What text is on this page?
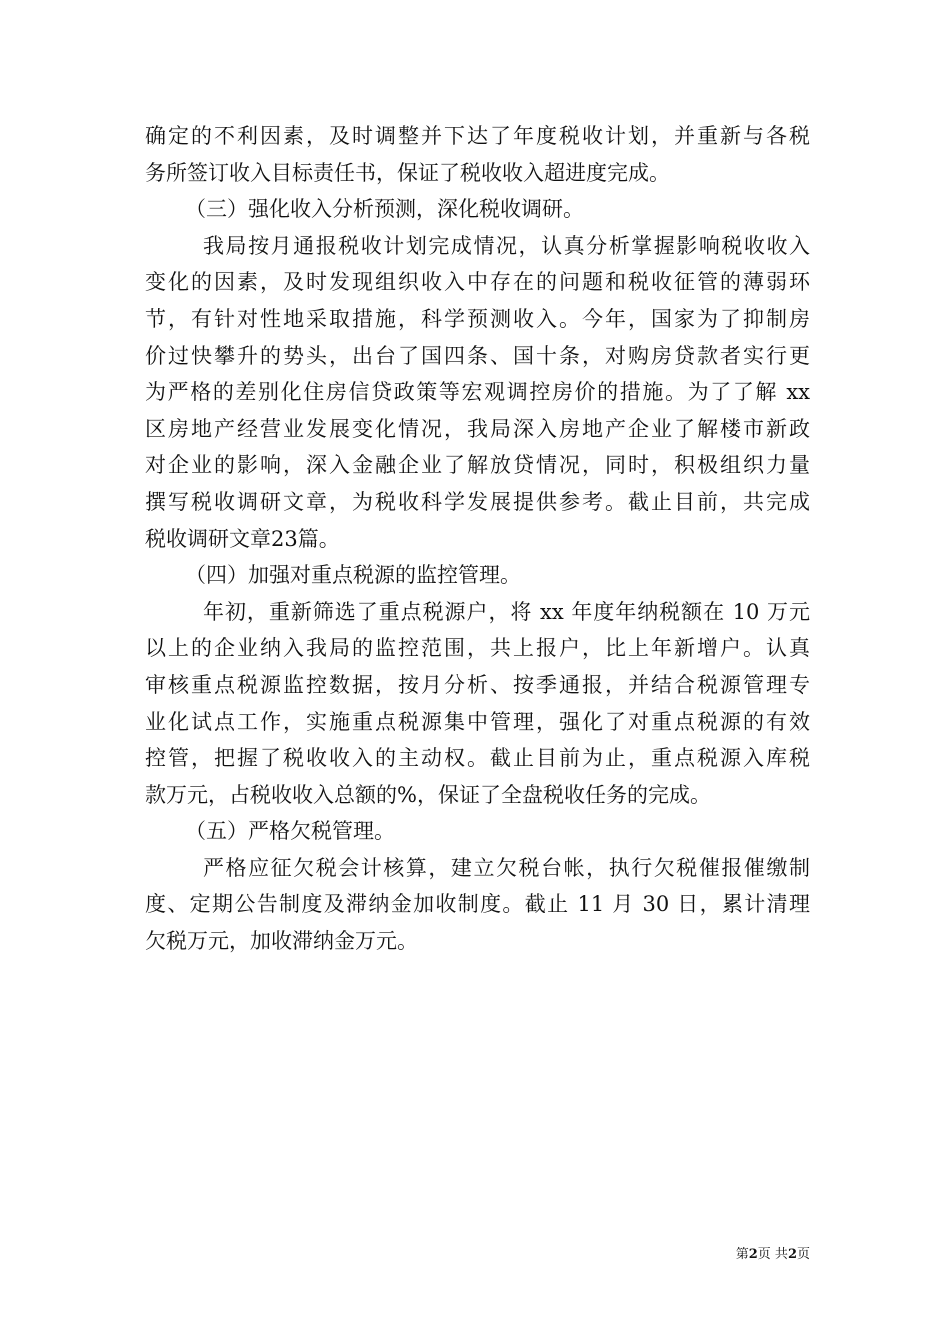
确定的不利因素，及时调整并下达了年度税收计划，并重新与各税
务所签订收入目标责任书，保证了税收收入超进度完成。
（三）强化收入分析预测，深化税收调研。
我局按月通报税收计划完成情况，认真分析掌握影响税收收入
变化的因素，及时发现组织收入中存在的问题和税收征管的薄弱环
节，有针对性地采取措施，科学预测收入。今年，国家为了抑制房
价过快攀升的势头，出台了国四条、国十条，对购房贷款者实行更
为严格的差别化住房信贷政策等宏观调控房价的措施。为了了解 xx
区房地产经营业发展变化情况，我局深入房地产企业了解楼市新政
对企业的影响，深入金融企业了解放贷情况，同时，积极组织力量
撰写税收调研文章，为税收科学发展提供参考。截止目前，共完成
税收调研文章23篇。
（四）加强对重点税源的监控管理。
年初，重新筛选了重点税源户，将 xx 年度年纳税额在 10 万元
以上的企业纳入我局的监控范围，共上报户，比上年新增户。认真
审核重点税源监控数据，按月分析、按季通报，并结合税源管理专
业化试点工作，实施重点税源集中管理，强化了对重点税源的有效
控管，把握了税收收入的主动权。截止目前为止，重点税源入库税
款万元，占税收收入总额的%，保证了全盘税收任务的完成。
（五）严格欠税管理。
严格应征欠税会计核算，建立欠税台帐，执行欠税催报催缴制
度、定期公告制度及滞纳金加收制度。截止 11 月 30 日，累计清理
欠税万元，加收滞纳金万元。
第2页 共2页
